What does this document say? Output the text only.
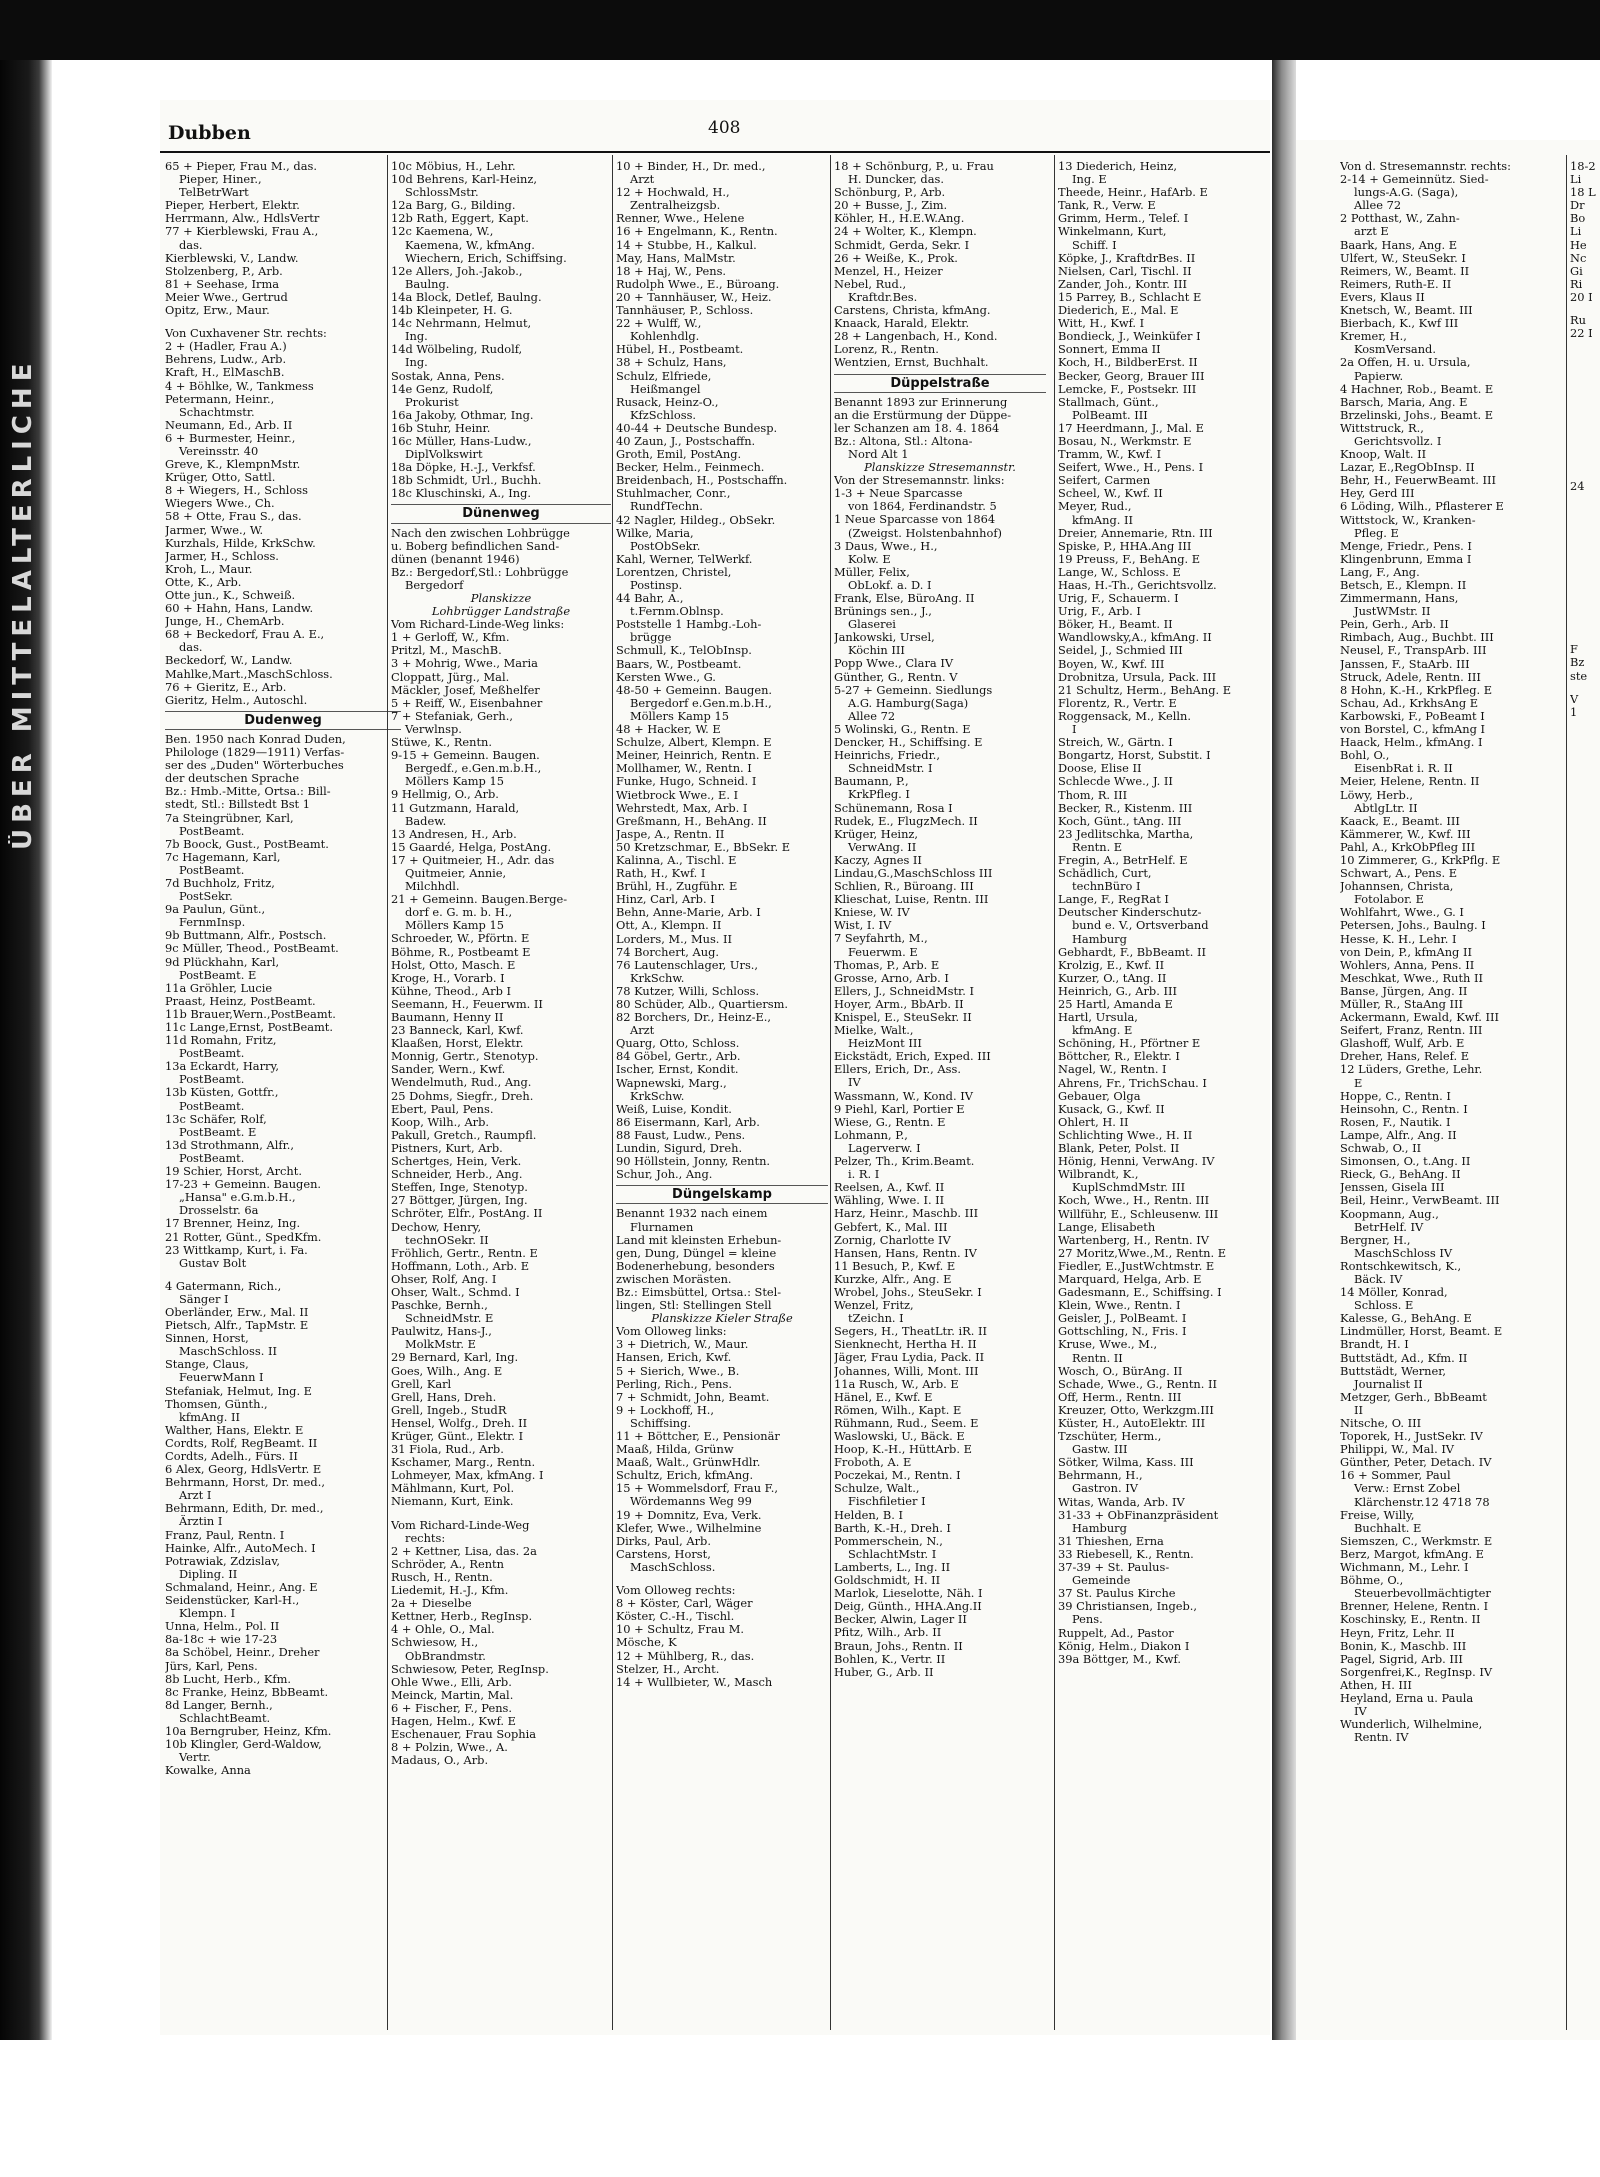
ÜBER MITTELALTERLICHE
Dubben	408
65 + Pieper, Frau M., das.
Pieper, Hiner.,
TelBetrWart
Pieper, Herbert, Elektr.
Herrmann, Alw., HdlsVertr
77 + Kierblewski, Frau A.,
das.
Kierblewski, V., Landw.
Stolzenberg, P., Arb.
81 + Seehase, Irma
Meier Wwe., Gertrud
Opitz, Erw., Maur.
Von Cuxhavener Str. rechts:
2 + (Hadler, Frau A.)
Behrens, Ludw., Arb.
Kraft, H., ElMaschB.
4 + Böhlke, W., Tankmess
Petermann, Heinr.,
Schachtmstr.
Neumann, Ed., Arb. II
6 + Burmester, Heinr.,
Vereinsstr. 40
Greve, K., KlempnMstr.
Krüger, Otto, Sattl.
8 + Wiegers, H., Schloss
Wiegers Wwe., Ch.
58 + Otte, Frau S., das.
Jarmer, Wwe., W.
Kurzhals, Hilde, KrkSchw.
Jarmer, H., Schloss.
Kroh, L., Maur.
Otte, K., Arb.
Otte jun., K., Schweiß.
60 + Hahn, Hans, Landw.
Junge, H., ChemArb.
68 + Beckedorf, Frau A. E.,
das.
Beckedorf, W., Landw.
Mahlke,Mart.,MaschSchloss.
76 + Gieritz, E., Arb.
Gieritz, Helm., Autoschl.
Dudenweg
Ben. 1950 nach Konrad Duden,
Philologe (1829—1911) Verfas-
ser des „Duden" Wörterbuches
der deutschen Sprache
Bz.: Hmb.-Mitte, Ortsa.: Bill-
stedt, Stl.: Billstedt Bst 1
7a Steingrübner, Karl,
PostBeamt.
7b Boock, Gust., PostBeamt.
7c Hagemann, Karl,
PostBeamt.
7d Buchholz, Fritz,
PostSekr.
9a Paulun, Günt.,
FernmInsp.
9b Buttmann, Alfr., Postsch.
9c Müller, Theod., PostBeamt.
9d Plückhahn, Karl,
PostBeamt. E
11a Gröhler, Lucie
Praast, Heinz, PostBeamt.
11b Brauer,Wern.,PostBeamt.
11c Lange,Ernst, PostBeamt.
11d Romahn, Fritz,
PostBeamt.
13a Eckardt, Harry,
PostBeamt.
13b Küsten, Gottfr.,
PostBeamt.
13c Schäfer, Rolf,
PostBeamt. E
13d Strothmann, Alfr.,
PostBeamt.
19 Schier, Horst, Archt.
17-23 + Gemeinn. Baugen.
„Hansa" e.G.m.b.H.,
Drosselstr. 6a
17 Brenner, Heinz, Ing.
21 Rotter, Günt., SpedKfm.
23 Wittkamp, Kurt, i. Fa.
Gustav Bolt
4 Gatermann, Rich.,
Sänger I
Oberländer, Erw., Mal. II
Pietsch, Alfr., TapMstr. E
Sinnen, Horst,
MaschSchloss. II
Stange, Claus,
FeuerwMann I
Stefaniak, Helmut, Ing. E
Thomsen, Günth.,
kfmAng. II
Walther, Hans, Elektr. E
Cordts, Rolf, RegBeamt. II
Cordts, Adelh., Fürs. II
6 Alex, Georg, HdlsVertr. E
Behrmann, Horst, Dr. med.,
Arzt I
Behrmann, Edith, Dr. med.,
Ärztin I
Franz, Paul, Rentn. I
Hainke, Alfr., AutoMech. I
Potrawiak, Zdzislav,
Dipling. II
Schmaland, Heinr., Ang. E
Seidenstücker, Karl-H.,
Klempn. I
Unna, Helm., Pol. II
8a-18c + wie 17-23
8a Schöbel, Heinr., Dreher
Jürs, Karl, Pens.
8b Lucht, Herb., Kfm.
8c Franke, Heinz, BbBeamt.
8d Langer, Bernh.,
SchlachtBeamt.
10a Berngruber, Heinz, Kfm.
10b Klingler, Gerd-Waldow,
Vertr.
Kowalke, Anna
10c Möbius, H., Lehr.
10d Behrens, Karl-Heinz,
SchlossMstr.
12a Barg, G., Bilding.
12b Rath, Eggert, Kapt.
12c Kaemena, W.,
Kaemena, W., kfmAng.
Wiechern, Erich, Schiffsing.
12e Allers, Joh.-Jakob.,
Baulng.
14a Block, Detlef, Baulng.
14b Kleinpeter, H. G.
14c Nehrmann, Helmut,
Ing.
14d Wölbeling, Rudolf,
Ing.
Sostak, Anna, Pens.
14e Genz, Rudolf,
Prokurist
16a Jakoby, Othmar, Ing.
16b Stuhr, Heinr.
16c Müller, Hans-Ludw.,
DiplVolkswirt
18a Döpke, H.-J., Verkfsf.
18b Schmidt, Url., Buchh.
18c Kluschinski, A., Ing.
Dünenweg
Nach den zwischen Lohbrügge
u. Boberg befindlichen Sand-
dünen (benannt 1946)
Bz.: Bergedorf,Stl.: Lohbrügge
Bergedorf
Planskizze
Lohbrügger Landstraße
Vom Richard-Linde-Weg links:
1 + Gerloff, W., Kfm.
Pritzl, M., MaschB.
3 + Mohrig, Wwe., Maria
Cloppatt, Jürg., Mal.
Mäckler, Josef, Meßhelfer
5 + Reiff, W., Eisenbahner
7 + Stefaniak, Gerh.,
Verwlnsp.
Stüwe, K., Rentn.
9-15 + Gemeinn. Baugen.
Bergedf., e.Gen.m.b.H.,
Möllers Kamp 15
9 Hellmig, O., Arb.
11 Gutzmann, Harald,
Badew.
13 Andresen, H., Arb.
15 Gaardé, Helga, PostAng.
17 + Quitmeier, H., Adr. das
Quitmeier, Annie,
Milchhdl.
21 + Gemeinn. Baugen.Berge-
dorf e. G. m. b. H.,
Möllers Kamp 15
Schroeder, W., Pförtn. E
Böhme, R., Postbeamt E
Holst, Otto, Masch. E
Kroge, H., Vorarb. I
Kühne, Theod., Arb I
Seemann, H., Feuerwm. II
Baumann, Henny II
23 Banneck, Karl, Kwf.
Klaaßen, Horst, Elektr.
Monnig, Gertr., Stenotyp.
Sander, Wern., Kwf.
Wendelmuth, Rud., Ang.
25 Dohms, Siegfr., Dreh.
Ebert, Paul, Pens.
Koop, Wilh., Arb.
Pakull, Gretch., Raumpfl.
Pistners, Kurt, Arb.
Schertges, Hein, Verk.
Schneider, Herb., Ang.
Steffen, Inge, Stenotyp.
27 Böttger, Jürgen, Ing.
Schröter, Elfr., PostAng. II
Dechow, Henry,
technOSekr. II
Fröhlich, Gertr., Rentn. E
Hoffmann, Loth., Arb. E
Ohser, Rolf, Ang. I
Ohser, Walt., Schmd. I
Paschke, Bernh.,
SchneidMstr. E
Paulwitz, Hans-J.,
MolkMstr. E
29 Bernard, Karl, Ing.
Goes, Wilh., Ang. E
Grell, Karl
Grell, Hans, Dreh.
Grell, Ingeb., StudR
Hensel, Wolfg., Dreh. II
Krüger, Günt., Elektr. I
31 Fiola, Rud., Arb.
Kschamer, Marg., Rentn.
Lohmeyer, Max, kfmAng. I
Mählmann, Kurt, Pol.
Niemann, Kurt, Eink.
Vom Richard-Linde-Weg
rechts:
2 + Kettner, Lisa, das. 2a
Schröder, A., Rentn
Rusch, H., Rentn.
Liedemit, H.-J., Kfm.
2a + Dieselbe
Kettner, Herb., RegInsp.
4 + Ohle, O., Mal.
Schwiesow, H.,
ObBrandmstr.
Schwiesow, Peter, RegInsp.
Ohle Wwe., Elli, Arb.
Meinck, Martin, Mal.
6 + Fischer, F., Pens.
Hagen, Helm., Kwf. E
Eschenauer, Frau Sophia
8 + Polzin, Wwe., A.
Madaus, O., Arb.
10 + Binder, H., Dr. med.,
Arzt
12 + Hochwald, H.,
Zentralheizgsb.
Renner, Wwe., Helene
16 + Engelmann, K., Rentn.
14 + Stubbe, H., Kalkul.
May, Hans, MalMstr.
18 + Haj, W., Pens.
Rudolph Wwe., E., Büroang.
20 + Tannhäuser, W., Heiz.
Tannhäuser, P., Schloss.
22 + Wulff, W.,
Kohlenhdlg.
Hübel, H., Postbeamt.
38 + Schulz, Hans,
Schulz, Elfriede,
Heißmangel
Rusack, Heinz-O.,
KfzSchloss.
40-44 + Deutsche Bundesp.
40 Zaun, J., Postschaffn.
Groth, Emil, PostAng.
Becker, Helm., Feinmech.
Breidenbach, H., Postschaffn.
Stuhlmacher, Conr.,
RundfTechn.
42 Nagler, Hildeg., ObSekr.
Wilke, Maria,
PostObSekr.
Kahl, Werner, TelWerkf.
Lorentzen, Christel,
Postinsp.
44 Bahr, A.,
t.Fernm.Oblnsp.
Poststelle 1 Hambg.-Loh-
brügge
Schmull, K., TelObInsp.
Baars, W., Postbeamt.
Kersten Wwe., G.
48-50 + Gemeinn. Baugen.
Bergedorf e.Gen.m.b.H.,
Möllers Kamp 15
48 + Hacker, W. E
Schulze, Albert, Klempn. E
Meiner, Heinrich, Rentn. E
Mollhamer, W., Rentn. I
Funke, Hugo, Schneid. I
Wietbrock Wwe., E. I
Wehrstedt, Max, Arb. I
Greßmann, H., BehAng. II
Jaspe, A., Rentn. II
50 Kretzschmar, E., BbSekr. E
Kalinna, A., Tischl. E
Rath, H., Kwf. I
Brühl, H., Zugführ. E
Hinz, Carl, Arb. I
Behn, Anne-Marie, Arb. I
Ott, A., Klempn. II
Lorders, M., Mus. II
74 Borchert, Aug.
76 Lautenschlager, Urs.,
KrkSchw.
78 Kutzer, Willi, Schloss.
80 Schüder, Alb., Quartiersm.
82 Borchers, Dr., Heinz-E.,
Arzt
Quarg, Otto, Schloss.
84 Göbel, Gertr., Arb.
Ischer, Ernst, Kondit.
Wapnewski, Marg.,
KrkSchw.
Weiß, Luise, Kondit.
86 Eisermann, Karl, Arb.
88 Faust, Ludw., Pens.
Lundin, Sigurd, Dreh.
90 Höllstein, Jonny, Rentn.
Schur, Joh., Ang.
Düngelskamp
Benannt 1932 nach einem
Flurnamen
Land mit kleinsten Erhebun-
gen, Dung, Düngel = kleine
Bodenerhebung, besonders
zwischen Morästen.
Bz.: Eimsbüttel, Ortsa.: Stel-
lingen, Stl: Stellingen Stell
Planskizze Kieler Straße
Vom Olloweg links:
3 + Dietrich, W., Maur.
Hansen, Erich, Kwf.
5 + Sierich, Wwe., B.
Perling, Rich., Pens.
7 + Schmidt, John, Beamt.
9 + Lockhoff, H.,
Schiffsing.
11 + Böttcher, E., Pensionär
Maaß, Hilda, Grünw
Maaß, Walt., GrünwHdlr.
Schultz, Erich, kfmAng.
15 + Wommelsdorf, Frau F.,
Wördemanns Weg 99
19 + Domnitz, Eva, Verk.
Klefer, Wwe., Wilhelmine
Dirks, Paul, Arb.
Carstens, Horst,
MaschSchloss.
Vom Olloweg rechts:
8 + Köster, Carl, Wäger
Köster, C.-H., Tischl.
10 + Schultz, Frau M.
Mösche, K
12 + Mühlberg, R., das.
Stelzer, H., Archt.
14 + Wullbieter, W., Masch
18 + Schönburg, P., u. Frau
H. Duncker, das.
Schönburg, P., Arb.
20 + Busse, J., Zim.
Köhler, H., H.E.W.Ang.
24 + Wolter, K., Klempn.
Schmidt, Gerda, Sekr. I
26 + Weiße, K., Prok.
Menzel, H., Heizer
Nebel, Rud.,
Kraftdr.Bes.
Carstens, Christa, kfmAng.
Knaack, Harald, Elektr.
28 + Langenbach, H., Kond.
Lorenz, R., Rentn.
Wentzien, Ernst, Buchhalt.
Düppelstraße
Benannt 1893 zur Erinnerung
an die Erstürmung der Düppe-
ler Schanzen am 18. 4. 1864
Bz.: Altona, Stl.: Altona-
Nord Alt 1
Planskizze Stresemannstr.
Von der Stresemannstr. links:
1-3 + Neue Sparcasse
von 1864, Ferdinandstr. 5
1 Neue Sparcasse von 1864
(Zweigst. Holstenbahnhof)
3 Daus, Wwe., H.,
Kolw. E
Müller, Felix,
ObLokf. a. D. I
Frank, Else, BüroAng. II
Brünings sen., J.,
Glaserei
Jankowski, Ursel,
Köchin III
Popp Wwe., Clara IV
Günther, G., Rentn. V
5-27 + Gemeinn. Siedlungs
A.G. Hamburg(Saga)
Allee 72
5 Wolinski, G., Rentn. E
Dencker, H., Schiffsing. E
Heinrichs, Friedr.,
SchneidMstr. I
Baumann, P.,
KrkPfleg. I
Schünemann, Rosa I
Rudek, E., FlugzMech. II
Krüger, Heinz,
VerwAng. II
Kaczy, Agnes II
Lindau,G.,MaschSchloss III
Schlien, R., Büroang. III
Klieschat, Luise, Rentn. III
Kniese, W. IV
Wist, I. IV
7 Seyfahrth, M.,
Feuerwm. E
Thomas, P., Arb. E
Grosse, Arno, Arb. I
Ellers, J., SchneidMstr. I
Hoyer, Arm., BbArb. II
Knispel, E., SteuSekr. II
Mielke, Walt.,
HeizMont III
Eickstädt, Erich, Exped. III
Ellers, Erich, Dr., Ass.
IV
Wassmann, W., Kond. IV
9 Piehl, Karl, Portier E
Wiese, G., Rentn. E
Lohmann, P.,
Lagerverw. I
Pelzer, Th., Krim.Beamt.
i. R. I
Reelsen, A., Kwf. II
Wähling, Wwe. I. II
Harz, Heinr., Maschb. III
Gebfert, K., Mal. III
Zornig, Charlotte IV
Hansen, Hans, Rentn. IV
11 Besuch, P., Kwf. E
Kurzke, Alfr., Ang. E
Wrobel, Johs., SteuSekr. I
Wenzel, Fritz,
tZeichn. I
Segers, H., TheatLtr. iR. II
Sienknecht, Hertha H. II
Jäger, Frau Lydia, Pack. II
Johannes, Willi, Mont. III
11a Rusch, W., Arb. E
Hänel, E., Kwf. E
Römen, Wilh., Kapt. E
Rühmann, Rud., Seem. E
Waslowski, U., Bäck. E
Hoop, K.-H., HüttArb. E
Froboth, A. E
Poczekai, M., Rentn. I
Schulze, Walt.,
Fischfiletier I
Helden, B. I
Barth, K.-H., Dreh. I
Pommerschein, N.,
SchlachtMstr. I
Lamberts, L., Ing. II
Goldschmidt, H. II
Marlok, Lieselotte, Näh. I
Deig, Günth., HHA.Ang.II
Becker, Alwin, Lager II
Pfitz, Wilh., Arb. II
Braun, Johs., Rentn. II
Bohlen, K., Vertr. II
Huber, G., Arb. II
13 Diederich, Heinz,
Ing. E
Theede, Heinr., HafArb. E
Tank, R., Verw. E
Grimm, Herm., Telef. I
Winkelmann, Kurt,
Schiff. I
Köpke, J., KraftdrBes. II
Nielsen, Carl, Tischl. II
Zander, Joh., Kontr. III
15 Parrey, B., Schlacht E
Diederich, E., Mal. E
Witt, H., Kwf. I
Bondieck, J., Weinküfer I
Sonnert, Emma II
Koch, H., BildberErst. II
Becker, Georg, Brauer III
Lemcke, F., Postsekr. III
Stallmach, Günt.,
PolBeamt. III
17 Heerdmann, J., Mal. E
Bosau, N., Werkmstr. E
Tramm, W., Kwf. I
Seifert, Wwe., H., Pens. I
Seifert, Carmen
Scheel, W., Kwf. II
Meyer, Rud.,
kfmAng. II
Dreier, Annemarie, Rtn. III
Spiske, P., HHA.Ang III
19 Preuss, F., BehAng. E
Lange, W., Schloss. E
Haas, H.-Th., Gerichtsvollz.
Urig, F., Schauerm. I
Urig, F., Arb. I
Böker, H., Beamt. II
Wandlowsky,A., kfmAng. II
Seidel, J., Schmied III
Boyen, W., Kwf. III
Drobnitza, Ursula, Pack. III
21 Schultz, Herm., BehAng. E
Florentz, R., Vertr. E
Roggensack, M., Kelln.
I
Streich, W., Gärtn. I
Bongartz, Horst, Substit. I
Doose, Elise II
Schlecde Wwe., J. II
Thom, R. III
Becker, R., Kistenm. III
Koch, Günt., tAng. III
23 Jedlitschka, Martha,
Rentn. E
Fregin, A., BetrHelf. E
Schädlich, Curt,
technBüro I
Lange, F., RegRat I
Deutscher Kinderschutz-
bund e. V., Ortsverband
Hamburg
Gebhardt, F., BbBeamt. II
Krolzig, E., Kwf. II
Kurzer, O., tAng. II
Heinrich, G., Arb. III
25 Hartl, Amanda E
Hartl, Ursula,
kfmAng. E
Schöning, H., Pförtner E
Böttcher, R., Elektr. I
Nagel, W., Rentn. I
Ahrens, Fr., TrichSchau. I
Gebauer, Olga
Kusack, G., Kwf. II
Ohlert, H. II
Schlichting Wwe., H. II
Blank, Peter, Polst. II
Hönig, Henni, VerwAng. IV
Wilbrandt, K.,
KuplSchmdMstr. III
Koch, Wwe., H., Rentn. III
Willführ, E., Schleusenw. III
Lange, Elisabeth
Wartenberg, H., Rentn. IV
27 Moritz,Wwe.,M., Rentn. E
Fiedler, E.,JustWchtmstr. E
Marquard, Helga, Arb. E
Gadesmann, E., Schiffsing. I
Klein, Wwe., Rentn. I
Geisler, J., PolBeamt. I
Gottschling, N., Fris. I
Kruse, Wwe., M.,
Rentn. II
Wosch, O., BürAng. II
Schade, Wwe., G., Rentn. II
Off, Herm., Rentn. III
Kreuzer, Otto, Werkzgm.III
Küster, H., AutoElektr. III
Tzschüter, Herm.,
Gastw. III
Sötker, Wilma, Kass. III
Behrmann, H.,
Gastron. IV
Witas, Wanda, Arb. IV
31-33 + ObFinanzpräsident
Hamburg
31 Thieshen, Erna
33 Riebesell, K., Rentn.
37-39 + St. Paulus-
Gemeinde
37 St. Paulus Kirche
39 Christiansen, Ingeb.,
Pens.
Ruppelt, Ad., Pastor
König, Helm., Diakon I
39a Böttger, M., Kwf.
Von d. Stresemannstr. rechts:
2-14 + Gemeinnütz. Sied-
lungs-A.G. (Saga),
Allee 72
2 Potthast, W., Zahn-
arzt E
Baark, Hans, Ang. E
Ulfert, W., SteuSekr. I
Reimers, W., Beamt. II
Reimers, Ruth-E. II
Evers, Klaus II
Knetsch, W., Beamt. III
Bierbach, K., Kwf III
Kremer, H.,
KosmVersand.
2a Offen, H. u. Ursula,
Papierw.
4 Hachner, Rob., Beamt. E
Barsch, Maria, Ang. E
Brzelinski, Johs., Beamt. E
Wittstruck, R.,
Gerichtsvollz. I
Knoop, Walt. II
Lazar, E.,RegObInsp. II
Behr, H., FeuerwBeamt. III
Hey, Gerd III
6 Löding, Wilh., Pflasterer E
Wittstock, W., Kranken-
Pfleg. E
Menge, Friedr., Pens. I
Klingenbrunn, Emma I
Lang, F., Ang.
Betsch, E., Klempn. II
Zimmermann, Hans,
JustWMstr. II
Pein, Gerh., Arb. II
Rimbach, Aug., Buchbt. III
Neusel, F., TranspArb. III
Janssen, F., StaArb. III
Struck, Adele, Rentn. III
8 Hohn, K.-H., KrkPfleg. E
Schau, Ad., KrkhsAng E
Karbowski, F., PoBeamt I
von Borstel, C., kfmAng I
Haack, Helm., kfmAng. I
Bohl, O.,
EisenbRat i. R. II
Meier, Helene, Rentn. II
Löwy, Herb.,
AbtlgLtr. II
Kaack, E., Beamt. III
Kämmerer, W., Kwf. III
Pahl, A., KrkObPfleg III
10 Zimmerer, G., KrkPflg. E
Schwart, A., Pens. E
Johannsen, Christa,
Fotolabor. E
Wohlfahrt, Wwe., G. I
Petersen, Johs., Baulng. I
Hesse, K. H., Lehr. I
von Dein, P., kfmAng II
Wohlers, Anna, Pens. II
Meschkat, Wwe., Ruth II
Banse, Jürgen, Ang. II
Müller, R., StaAng III
Ackermann, Ewald, Kwf. III
Seifert, Franz, Rentn. III
Glashoff, Wulf, Arb. E
Dreher, Hans, Relef. E
12 Lüders, Grethe, Lehr.
E
Hoppe, C., Rentn. I
Heinsohn, C., Rentn. I
Rosen, F., Nautik. I
Lampe, Alfr., Ang. II
Schwab, O., II
Simonsen, O., t.Ang. II
Rieck, G., BehAng. II
Jenssen, Gisela III
Beil, Heinr., VerwBeamt. III
Koopmann, Aug.,
BetrHelf. IV
Bergner, H.,
MaschSchloss IV
Rontschkewitsch, K.,
Bäck. IV
14 Möller, Konrad,
Schloss. E
Kalesse, G., BehAng. E
Lindmüller, Horst, Beamt. E
Brandt, H. I
Buttstädt, Ad., Kfm. II
Buttstädt, Werner,
Journalist II
Metzger, Gerh., BbBeamt
II
Nitsche, O. III
Toporek, H., JustSekr. IV
Philippi, W., Mal. IV
Günther, Peter, Detach. IV
16 + Sommer, Paul
Verw.: Ernst Zobel
Klärchenstr.12 4718 78
Freise, Willy,
Buchhalt. E
Siemszen, C., Werkmstr. E
Berz, Margot, kfmAng. E
Wichmann, M., Lehr. I
Böhme, O.,
Steuerbevollmächtigter
Brenner, Helene, Rentn. I
Koschinsky, E., Rentn. II
Heyn, Fritz, Lehr. II
Bonin, K., Maschb. III
Pagel, Sigrid, Arb. III
Sorgenfrei,K., RegInsp. IV
Athen, H. III
Heyland, Erna u. Paula
IV
Wunderlich, Wilhelmine,
Rentn. IV
18-2
Li
18 L
Dr
Bo
Li
He
Nc
Gi
Ri
20 I
Ru
22 I
24
F
Bz
ste
V
1
